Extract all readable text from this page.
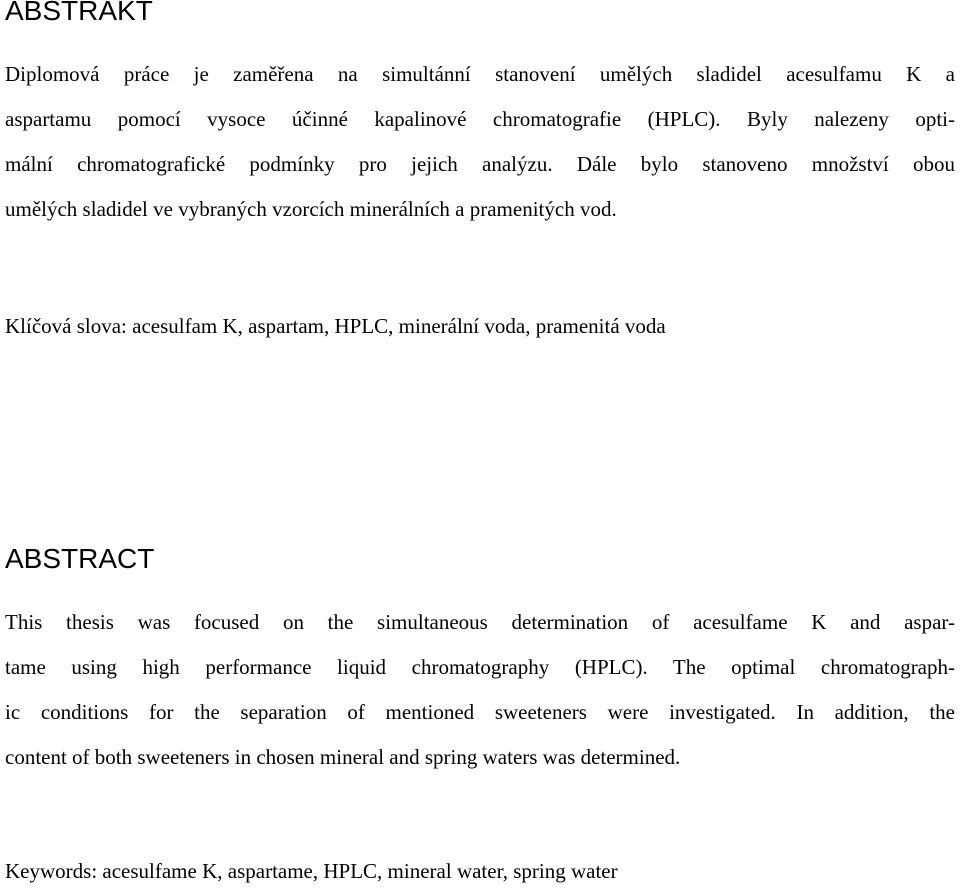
ABSTRAKT
Diplomová práce je zaměřena na simultánní stanovení umělých sladidel acesulfamu K a
aspartamu pomocí vysoce účinné kapalinové chromatografie (HPLC). Byly nalezeny opti-
mální chromatografické podmínky pro jejich analýzu. Dále bylo stanoveno množství obou
umělých sladidel ve vybraných vzorcích minerálních a pramenitých vod.

Klíčová slova: acesulfam K, aspartam, HPLC, minerální voda, pramenitá voda

ABSTRACT
This thesis was focused on the simultaneous determination of acesulfame K and aspar-
tame using high performance liquid chromatography (HPLC). The optimal chromatograph-
ic conditions for the separation of mentioned sweeteners were investigated. In addition, the
content of both sweeteners in chosen mineral and spring waters was determined.

Keywords: acesulfame K, aspartame, HPLC, mineral water, spring water
